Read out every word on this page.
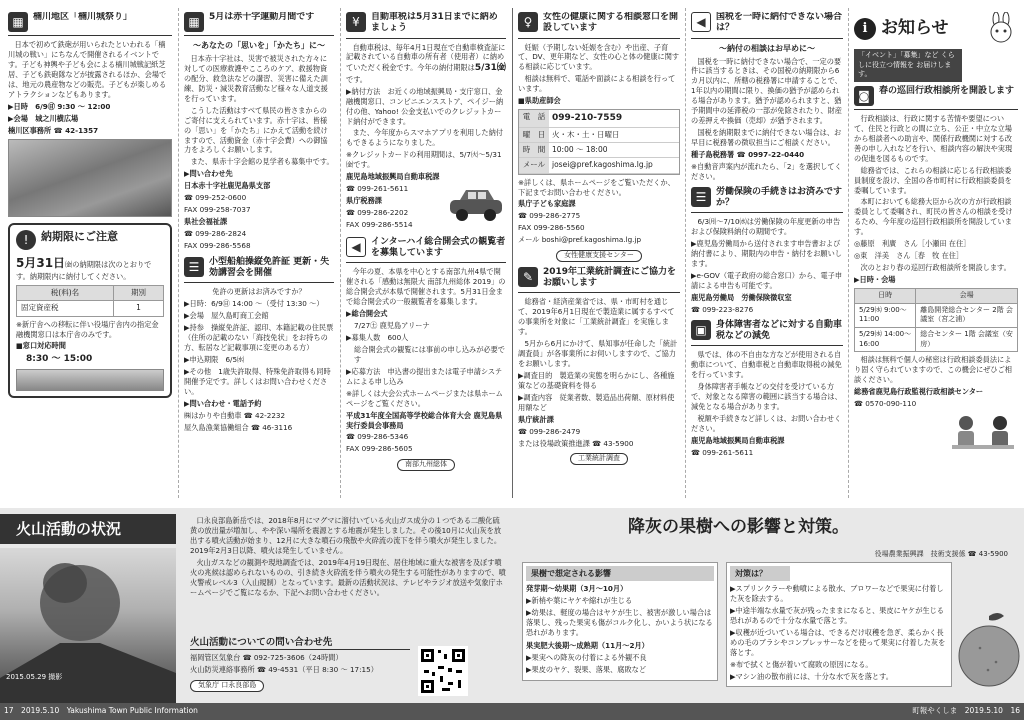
▦	楠川地区「楠川城祭り」

日本で初めて鉄砲が用いられたといわれる「楠川城の戦い」にちなんで開催されるイベントです。子ども神輿や子ども会による楠川城戦記紙芝居、子ども鉄砲隊などが披露されるほか、会場では、地元の農産物などの販売。子どもが楽しめるアトラクションなどもあります。

▶日時　6/9㊐ 9:30 ～ 12:00

▶会場　城之川横広場

楠川区事務所 ☎ 42-1357

!	納期限にご注意

5月31日㈮の納期限は次のとおりです。納期限内に納付してください。

税(料)名	期別
固定資産税	1

※新庁舎への移転に伴い役場庁舎内の指定金融機関窓口は本庁舎のみです。

■窓口対応時間

8:30 ～ 15:00

▦	5月は赤十字運動月間です
～あなたの「思いを」「かたち」に～

日本赤十字社は、災害で被災された方々に対しての医療救護やこころのケア、救援物資の配分、救急法などの講習、災害に備えた訓練、防災・減災教育活動など様々な人道支援を行っています。

こうした活動はすべて県民の皆さまからのご寄付に支えられています。赤十字は、皆様の「思い」を「かたち」にかえて活動を続けますので、活動資金（赤十字会費）への御協力をよろしくお願いします。

また、県赤十字会館の見学者も募集中です。

▶問い合わせ先

日本赤十字社鹿児島県支部

☎ 099-252-0600

FAX 099-258-7037

県社会福祉課

☎ 099-286-2824

FAX 099-286-5568

☰	小型船舶操縦免許証 更新・失効講習会を開催

免許の更新はお済みですか？

▶日時：6/9㊐ 14:00 ～（受付 13:30 ～）

▶会場　屋久島町商工会館

▶持参　操縦免許証、認印、本籍記載の住民票（住所の記載のない「海技免状」をお持ちの方、転居など記載事項に変更のある方）

▶申込期限　6/5㈬

▶その他　1歳失許取得、特殊免許取得も同時開催予定です。詳しくはお問い合わせください。

▶問い合わせ・電話予約

㈱はかりや自動車 ☎ 42-2232

屋久島漁業協働組合 ☎ 46-3116

¥	自動車税は5月31日までに納めましょう

自動車税は、毎年4月1日現在で自動車検査証に記載されている自動車の所有者（使用者）に納めていただく税金です。今年の納付期限は5/31㈮です。

▶納付方法　お近くの地域振興局・支庁窓口、金融機関窓口、コンビニエンスストア、ペイジー納付の他、Yahoo! 公金支払いでのクレジットカード納付ができます。

また、今年度からスマホアプリを利用した納付もできるようになりました。

※クレジットカードの利用期間は、5/7㈫～5/31㈮です。

鹿児島地域振興局自動車税課

☎ 099-261-5611

県庁税務課

☎ 099-286-2202

FAX 099-286-5514

◀	インターハイ総合開会式の観覧者を募集しています

今年の夏、本県を中心とする南部九州4県で開催される「感動は無限大 南部九州総体 2019」の総合開会式が本県で開催されます。5月31日金まで総合開会式の一般観覧者を募集します。

▶総合開会式

7/27㊏ 鹿児島アリーナ

▶募集人数　600人

総合開会式の観覧には事前の申し込みが必要です

▶応募方法　申込書の提出または電子申請システムによる申し込み

※詳しくは大会公式ホームページまたは県ホームページをご覧ください。

平成31年度全国高等学校総合体育大会 鹿児島県実行委員会事務局

☎ 099-286-5346

FAX 099-286-5605

南部九州総体
♀	女性の健康に関する相談窓口を開設しています

妊娠（予期しない妊娠を含む）や出産、子育て、DV、更年期など、女性の心と体の健康に関する相談に応じています。

相談は無料で、電話や面談による相談を行っています。

■県助産師会

電　話 099-210-7559
曜　日 火・木・土・日曜日
時　間 10:00 ～ 18:00
メール josei@pref.kagoshima.lg.jp

※詳しくは、県ホームページをご覧いただくか、下記までお問い合わせください。

県庁子ども家庭課

☎ 099-286-2775

FAX 099-286-5560

メール boshi@pref.kagoshima.lg.jp

女性健康支援センター
✎	2019年工業統計調査にご協力をお願いします

総務省・経済産業省では、県・市町村を通じて、2019年6月1日現在で製造業に属するすべての事業所を対象に「工業統計調査」を実施します。

5月から6月にかけて、県知事が任命した「統計調査員」が各事業所にお伺いしますので、ご協力をお願いします。

▶調査目的　製造業の実態を明らかにし、各種施策などの基礎資料を得る

▶調査内容　従業者数、製造品出荷額、原材料使用額など

県庁統計課

☎ 099-286-2479

または役場政策推進課 ☎ 43-5900

工業統計調査
◀	国税を一時に納付できない場合は？
～納付の相談はお早めに～

国税を一時に納付できない場合で、一定の要件に該当するときは、その国税の納期限から6カ月以内に、所轄の税務署に申請することで、1年以内の期間に限り、換価の猶予が認められる場合があります。猶予が認められますと、猶予期間中の延滞税の一部が免除されたり、財産の差押えや換価（売却）が猶予されます。

国税を納期限までに納付できない場合は、お早目に税務署の徴収担当にご相談ください。

種子島税務署 ☎ 0997-22-0440

※自動音声案内が流れたら、「2」を選択してください。

☰	労働保険の手続きはお済みですか？

6/3㈪～7/10㈬は労働保険の年度更新の申告および保険料納付の期間です。

▶鹿児島労働局から送付されます申告書および納付書により、期限内の申告・納付をお願いします。

▶e-GOV（電子政府の総合窓口）から、電子申請による申告も可能です。

鹿児島労働局　労働保険徴収室

☎ 099-223-8276

▣	身体障害者などに対する自動車税などの減免

県では、体の不自由な方などが使用される自動車について、自動車税と自動車取得税の減免を行っています。

身体障害者手帳などの交付を受けている方で、対象となる障害の範囲に該当する場合は、減免となる場合があります。

税額や手続きなど詳しくは、お問い合わせください。

鹿児島地域振興局自動車税課

☎ 099-261-5611

i お知らせ
「イベント」「募集」など くらしに役立つ情報を お届けします。
◙	春の巡回行政相談所を開設します

行政相談は、行政に関する苦情や要望について、住民と行政との間に立ち、公正・中立な立場から相談者への助言や、関係行政機関に対する改善の申し入れなどを行い、相談内容の解決や実現の促進を図るものです。

総務省では、これらの相談に応じる行政相談委員制度を設け、全国の各市町村に行政相談委員を委嘱しています。

本町においても総務大臣から次の方が行政相談委員として委嘱され、町民の皆さんの相談を受けるため、今年度の巡回行政相談所を開設しています。

◎藤原　利廣　さん［小瀬田 在住］

◎東　洋美　さん［春　牧 在住］

次のとおり春の巡回行政相談所を開設します。

▶日時・会場

日時	会場
5/29㈬ 9:00～11:00	離島開発総合センター 2階 会議室（宮之浦）
5/29㈬ 14:00～16:00	総合センター 1階 会議室（安房）

相談は無料で個人の秘密は行政相談委員法により固く守られていますので、この機会にぜひご相談ください。

総務省鹿児島行政監視行政相談センター

☎ 0570-090-110

火山活動の状況
2015.05.29 撮影

口永良部島新岳では、2018年8月にマグマに溜付いている火山ガス成分の１つである二酸化硫黄の放出量が増加し、やや深い場所を震源とする地震が発生しました。その後10月に火山灰を放出する噴火活動が始まり、12月に大きな噴石の飛散や火砕流の流下を伴う噴火が発生しました。2019年2月3日以降、噴火は発生していません。

火山ガスなどの観測や現地調査では、2019年4月19日現在、居住地域に重大な被害を及ぼす噴火の兆候は認められないものの、引き続き火砕流を伴う噴火の発生する可能性がありますので、噴火警戒レベル3（入山規制）となっています。最新の活動状況は、テレビやラジオ放送や気象庁ホームページでご覧になるか、下記へお問い合わせください。

火山活動についての問い合わせ先

福岡管区気象台 ☎ 092-725-3606（24時間）

火山防災連絡事務所 ☎ 49-4531（平日 8:30 ～ 17:15）

気象庁 口永良部島
降灰の果樹への影響と対策。
役場農業振興課　技術支援係 ☎ 43-5900
果樹で想定される影響

発芽期～幼果期（3月～10月）

▶新梢や葉にヤケや縮れが生じる

▶幼果は、軽度の場合はヤケが生じ、被害が激しい場合は落果し、残った果実も傷がコルク化し、かいよう状になる恐れがあります。

果実肥大後期～成熟期（11月～2月）

▶果実への降灰の付着による外観不良

▶果皮のヤケ、裂果、落果、腐敗など

対策は？

▶スプリンクラーや動噴による散水、ブロワーなどで果実に付着した灰を除去する。

▶中途半端な水量で灰が残ったままになると、果皮にヤケが生じる恐れがあるので十分な水量で落とす。

▶収穫が近づいている場合は、できるだけ収穫を急ぎ、柔らかく長めの毛のブラシやコンプレッサーなどを使って果実に付着した灰を落とす。

※布で拭くと傷が着いて腐敗の原因になる。

▶マシン油の散布前には、十分な水で灰を落とす。

17　2019.5.10　Yakushima Town Public Information	町報やくしま　2019.5.10　16
